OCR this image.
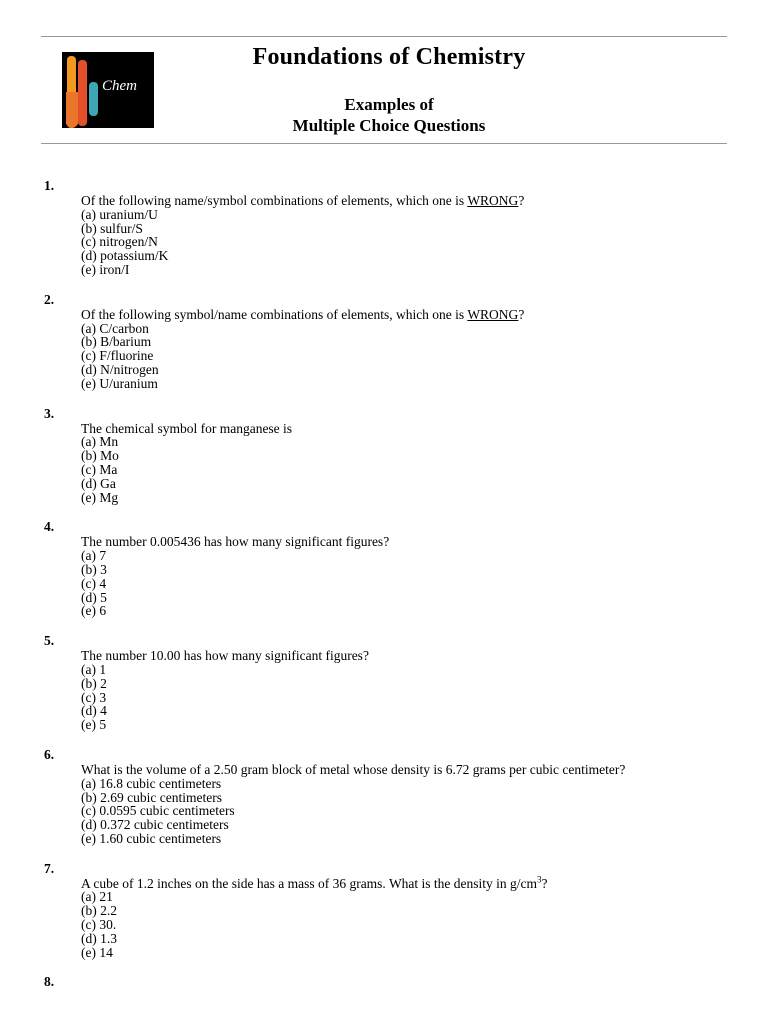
Chem
Foundations of Chemistry
Examples of
Multiple Choice Questions
1.
Of the following name/symbol combinations of elements, which one is WRONG?
(a) uranium/U
(b) sulfur/S
(c) nitrogen/N
(d) potassium/K
(e) iron/I
2.
Of the following symbol/name combinations of elements, which one is WRONG?
(a) C/carbon
(b) B/barium
(c) F/fluorine
(d) N/nitrogen
(e) U/uranium
3.
The chemical symbol for manganese is
(a) Mn
(b) Mo
(c) Ma
(d) Ga
(e) Mg
4.
The number 0.005436 has how many significant figures?
(a) 7
(b) 3
(c) 4
(d) 5
(e) 6
5.
The number 10.00 has how many significant figures?
(a) 1
(b) 2
(c) 3
(d) 4
(e) 5
6.
What is the volume of a 2.50 gram block of metal whose density is 6.72 grams per cubic centimeter?
(a) 16.8 cubic centimeters
(b) 2.69 cubic centimeters
(c) 0.0595 cubic centimeters
(d) 0.372 cubic centimeters
(e) 1.60 cubic centimeters
7.
A cube of 1.2 inches on the side has a mass of 36 grams. What is the density in $g/cm^3$?
(a) 21
(b) 2.2
(c) 30.
(d) 1.3
(e) 14
8.
